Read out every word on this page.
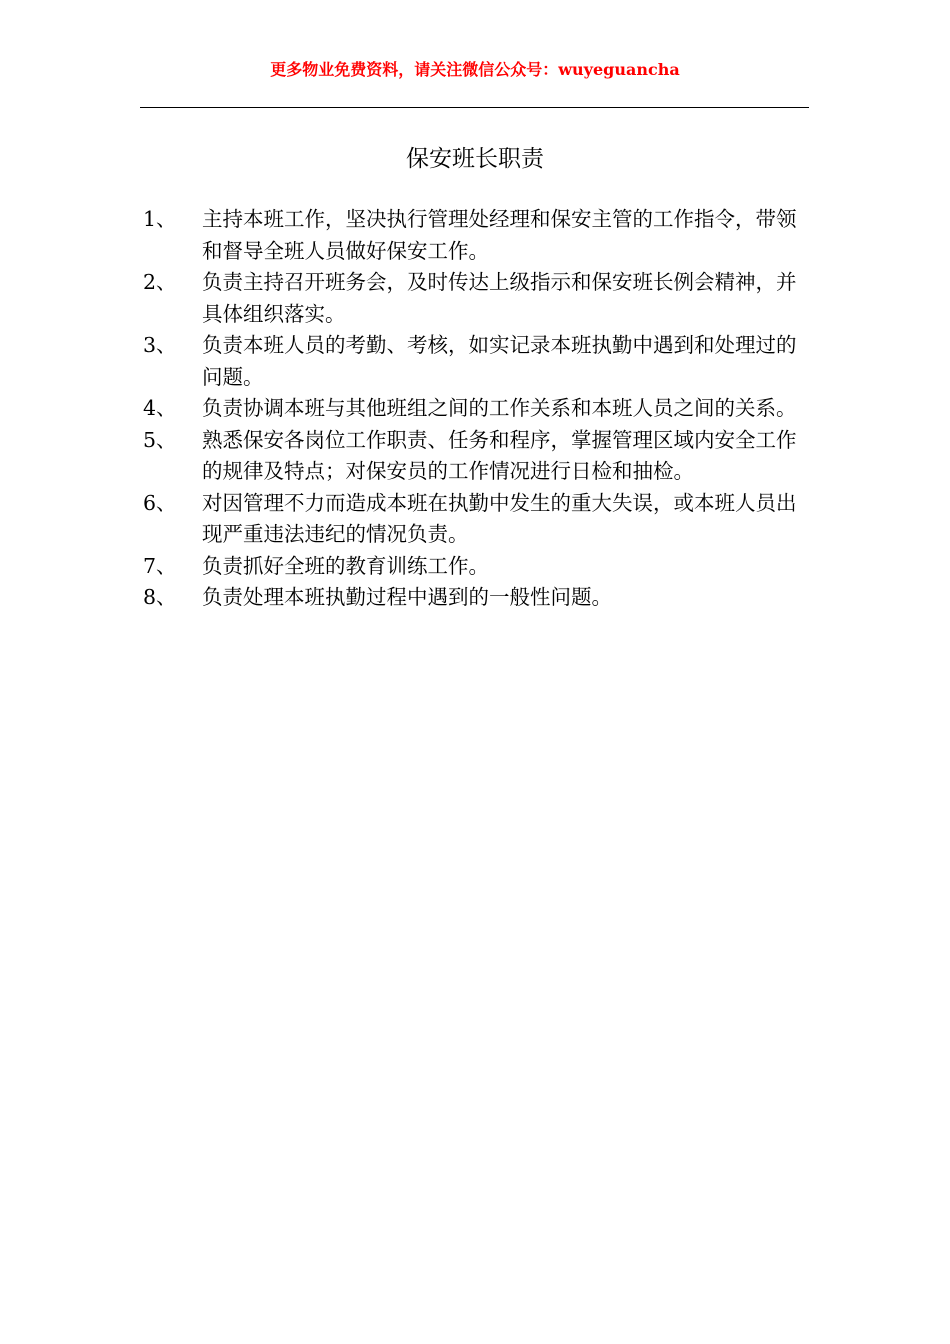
更多物业免费资料，请关注微信公众号：wuyeguancha
保安班长职责
1、	主持本班工作，坚决执行管理处经理和保安主管的工作指令，带领和督导全班人员做好保安工作。
2、	负责主持召开班务会，及时传达上级指示和保安班长例会精神，并具体组织落实。
3、	负责本班人员的考勤、考核，如实记录本班执勤中遇到和处理过的问题。
4、	负责协调本班与其他班组之间的工作关系和本班人员之间的关系。
5、	熟悉保安各岗位工作职责、任务和程序，掌握管理区域内安全工作的规律及特点；对保安员的工作情况进行日检和抽检。
6、	对因管理不力而造成本班在执勤中发生的重大失误，或本班人员出现严重违法违纪的情况负责。
7、	负责抓好全班的教育训练工作。
8、	负责处理本班执勤过程中遇到的一般性问题。
